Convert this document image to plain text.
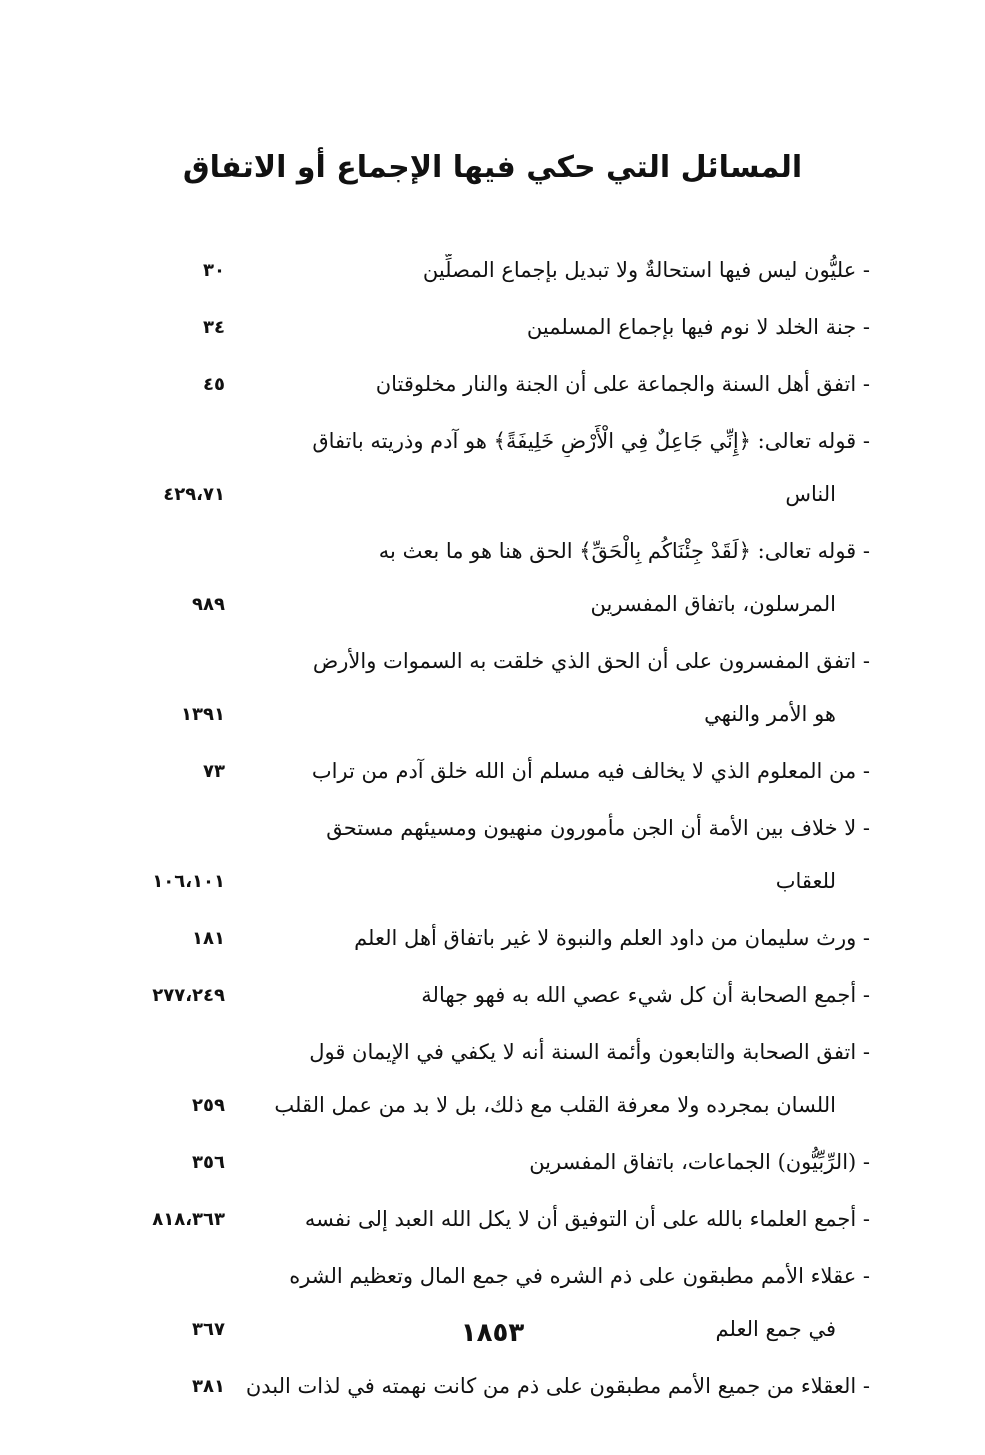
المسائل التي حكي فيها الإجماع أو الاتفاق
- عليُّون ليس فيها استحالةٌ ولا تبديل بإجماع المصلِّين
٣٠
- جنة الخلد لا نوم فيها بإجماع المسلمين
٣٤
- اتفق أهل السنة والجماعة على أن الجنة والنار مخلوقتان
٤٥
- قوله تعالى: ﴿إِنِّي جَاعِلٌ فِي الْأَرْضِ خَلِيفَةً﴾ هو آدم وذريته باتفاق
الناس
٤٢٩،٧١
- قوله تعالى: ﴿لَقَدْ جِئْنَاكُم بِالْحَقِّ﴾ الحق هنا هو ما بعث به
المرسلون، باتفاق المفسرين
٩٨٩
- اتفق المفسرون على أن الحق الذي خلقت به السموات والأرض
هو الأمر والنهي
١٣٩١
- من المعلوم الذي لا يخالف فيه مسلم أن الله خلق آدم من تراب
٧٣
- لا خلاف بين الأمة أن الجن مأمورون منهيون ومسيئهم مستحق
للعقاب
١٠٦،١٠١
- ورث سليمان من داود العلم والنبوة لا غير باتفاق أهل العلم
١٨١
- أجمع الصحابة أن كل شيء عصي الله به فهو جهالة
٢٧٧،٢٤٩
- اتفق الصحابة والتابعون وأئمة السنة أنه لا يكفي في الإيمان قول
اللسان بمجرده ولا معرفة القلب مع ذلك، بل لا بد من عمل القلب
٢٥٩
- (الرِّبِّيُّون) الجماعات، باتفاق المفسرين
٣٥٦
- أجمع العلماء بالله على أن التوفيق أن لا يكل الله العبد إلى نفسه
٨١٨،٣٦٣
- عقلاء الأمم مطبقون على ذم الشره في جمع المال وتعظيم الشره
في جمع العلم
٣٦٧
- العقلاء من جميع الأمم مطبقون على ذم من كانت نهمته في لذات البدن
٣٨١
١٨٥٣
